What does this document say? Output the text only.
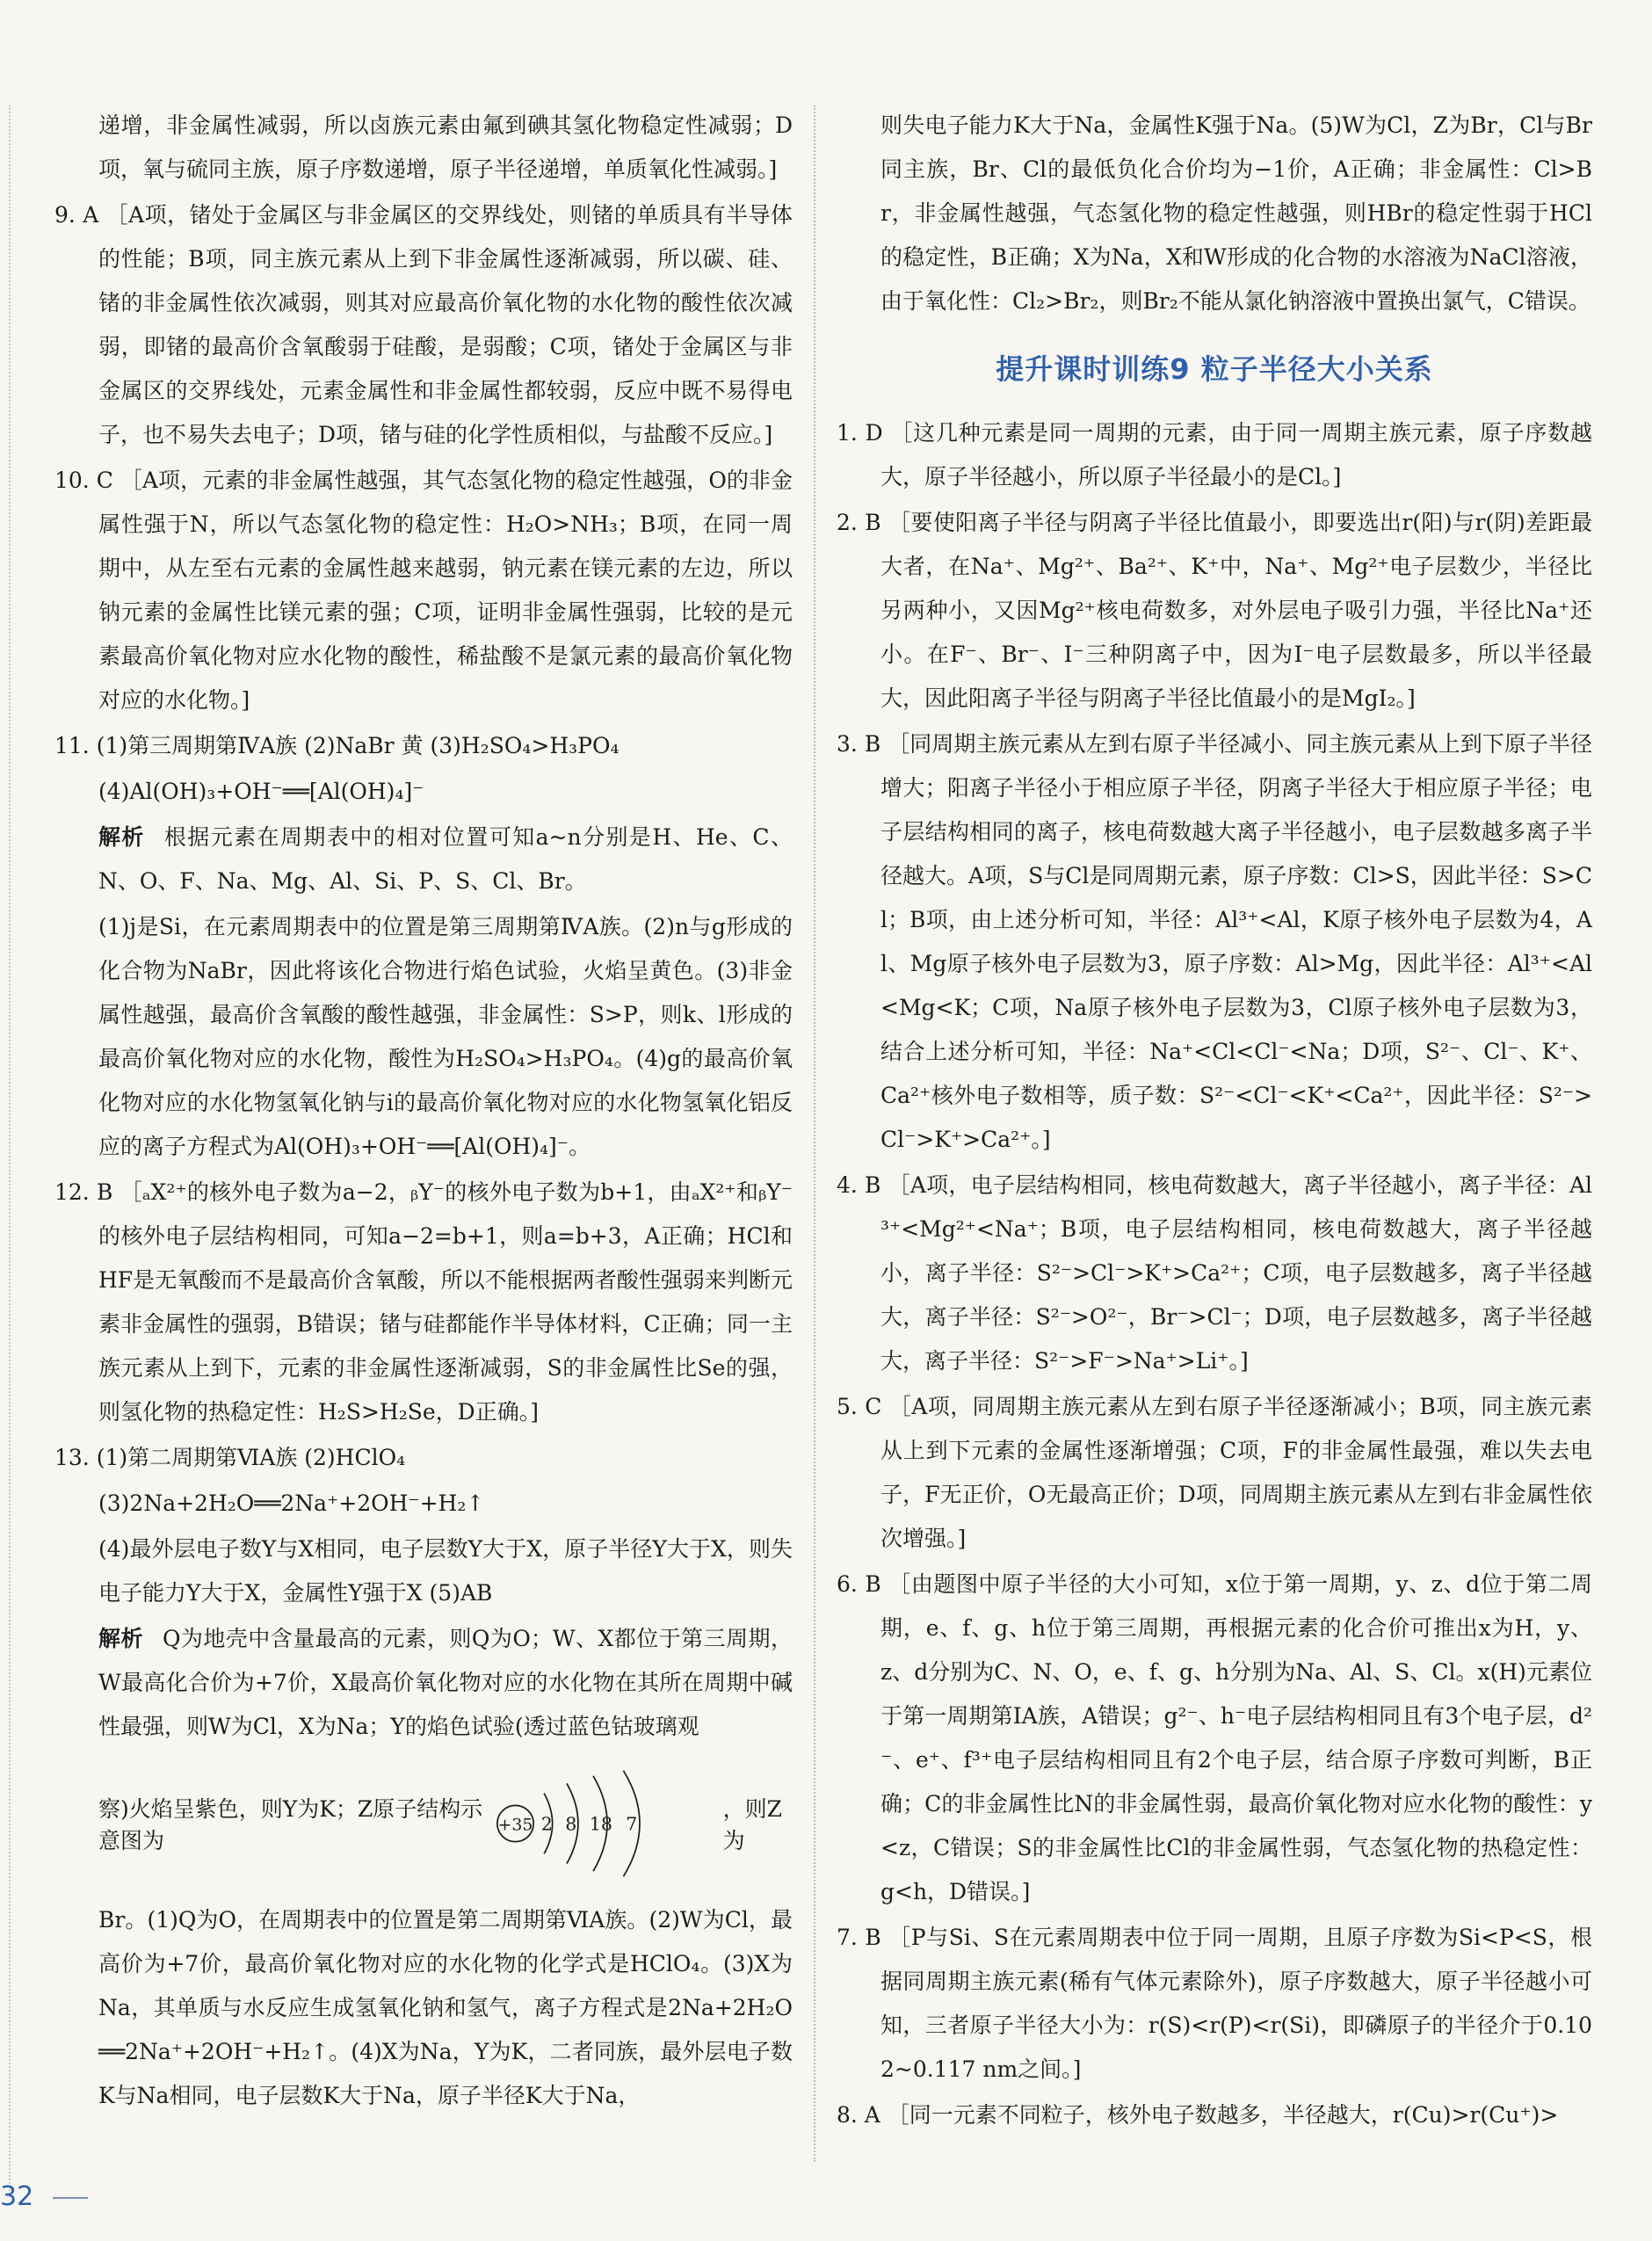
递增，非金属性减弱，所以卤族元素由氟到碘其氢化物稳定性减弱；D项，氧与硫同主族，原子序数递增，原子半径递增，单质氧化性减弱。]

9. A ［A项，锗处于金属区与非金属区的交界线处，则锗的单质具有半导体的性能；B项，同主族元素从上到下非金属性逐渐减弱，所以碳、硅、锗的非金属性依次减弱，则其对应最高价氧化物的水化物的酸性依次减弱，即锗的最高价含氧酸弱于硅酸，是弱酸；C项，锗处于金属区与非金属区的交界线处，元素金属性和非金属性都较弱，反应中既不易得电子，也不易失去电子；D项，锗与硅的化学性质相似，与盐酸不反应。]

10. C ［A项，元素的非金属性越强，其气态氢化物的稳定性越强，O的非金属性强于N，所以气态氢化物的稳定性：H₂O>NH₃；B项，在同一周期中，从左至右元素的金属性越来越弱，钠元素在镁元素的左边，所以钠元素的金属性比镁元素的强；C项，证明非金属性强弱，比较的是元素最高价氧化物对应水化物的酸性，稀盐酸不是氯元素的最高价氧化物对应的水化物。]

11. (1)第三周期第ⅣA族 (2)NaBr 黄 (3)H₂SO₄>H₃PO₄

(4)Al(OH)₃+OH⁻══[Al(OH)₄]⁻

解析 根据元素在周期表中的相对位置可知a~n分别是H、He、C、N、O、F、Na、Mg、Al、Si、P、S、Cl、Br。

(1)j是Si，在元素周期表中的位置是第三周期第ⅣA族。(2)n与g形成的化合物为NaBr，因此将该化合物进行焰色试验，火焰呈黄色。(3)非金属性越强，最高价含氧酸的酸性越强，非金属性：S>P，则k、l形成的最高价氧化物对应的水化物，酸性为H₂SO₄>H₃PO₄。(4)g的最高价氧化物对应的水化物氢氧化钠与i的最高价氧化物对应的水化物氢氧化铝反应的离子方程式为Al(OH)₃+OH⁻══[Al(OH)₄]⁻。

12. B ［ₐX²⁺的核外电子数为a−2，ᵦY⁻的核外电子数为b+1，由ₐX²⁺和ᵦY⁻的核外电子层结构相同，可知a−2=b+1，则a=b+3，A正确；HCl和HF是无氧酸而不是最高价含氧酸，所以不能根据两者酸性强弱来判断元素非金属性的强弱，B错误；锗与硅都能作半导体材料，C正确；同一主族元素从上到下，元素的非金属性逐渐减弱，S的非金属性比Se的强，则氢化物的热稳定性：H₂S>H₂Se，D正确。]

13. (1)第二周期第ⅥA族 (2)HClO₄

(3)2Na+2H₂O══2Na⁺+2OH⁻+H₂↑

(4)最外层电子数Y与X相同，电子层数Y大于X，原子半径Y大于X，则失电子能力Y大于X，金属性Y强于X (5)AB

解析 Q为地壳中含量最高的元素，则Q为O；W、X都位于第三周期，W最高化合价为+7价，X最高价氧化物对应的水化物在其所在周期中碱性最强，则W为Cl，X为Na；Y的焰色试验(透过蓝色钴玻璃观

察)火焰呈紫色，则Y为K；Z原子结构示意图为
+35 2 8 18 7
，则Z为

Br。(1)Q为O，在周期表中的位置是第二周期第ⅥA族。(2)W为Cl，最高价为+7价，最高价氧化物对应的水化物的化学式是HClO₄。(3)X为Na，其单质与水反应生成氢氧化钠和氢气，离子方程式是2Na+2H₂O══2Na⁺+2OH⁻+H₂↑。(4)X为Na，Y为K，二者同族，最外层电子数K与Na相同，电子层数K大于Na，原子半径K大于Na，

则失电子能力K大于Na，金属性K强于Na。(5)W为Cl，Z为Br，Cl与Br同主族，Br、Cl的最低负化合价均为−1价，A正确；非金属性：Cl>Br，非金属性越强，气态氢化物的稳定性越强，则HBr的稳定性弱于HCl的稳定性，B正确；X为Na，X和W形成的化合物的水溶液为NaCl溶液，由于氧化性：Cl₂>Br₂，则Br₂不能从氯化钠溶液中置换出氯气，C错误。

提升课时训练9 粒子半径大小关系

1. D ［这几种元素是同一周期的元素，由于同一周期主族元素，原子序数越大，原子半径越小，所以原子半径最小的是Cl。]

2. B ［要使阳离子半径与阴离子半径比值最小，即要选出r(阳)与r(阴)差距最大者，在Na⁺、Mg²⁺、Ba²⁺、K⁺中，Na⁺、Mg²⁺电子层数少，半径比另两种小，又因Mg²⁺核电荷数多，对外层电子吸引力强，半径比Na⁺还小。在F⁻、Br⁻、I⁻三种阴离子中，因为I⁻电子层数最多，所以半径最大，因此阳离子半径与阴离子半径比值最小的是MgI₂。]

3. B ［同周期主族元素从左到右原子半径减小、同主族元素从上到下原子半径增大；阳离子半径小于相应原子半径，阴离子半径大于相应原子半径；电子层结构相同的离子，核电荷数越大离子半径越小，电子层数越多离子半径越大。A项，S与Cl是同周期元素，原子序数：Cl>S，因此半径：S>Cl；B项，由上述分析可知，半径：Al³⁺<Al，K原子核外电子层数为4，Al、Mg原子核外电子层数为3，原子序数：Al>Mg，因此半径：Al³⁺<Al<Mg<K；C项，Na原子核外电子层数为3，Cl原子核外电子层数为3，结合上述分析可知，半径：Na⁺<Cl<Cl⁻<Na；D项，S²⁻、Cl⁻、K⁺、Ca²⁺核外电子数相等，质子数：S²⁻<Cl⁻<K⁺<Ca²⁺，因此半径：S²⁻>Cl⁻>K⁺>Ca²⁺。]

4. B ［A项，电子层结构相同，核电荷数越大，离子半径越小，离子半径：Al³⁺<Mg²⁺<Na⁺；B项，电子层结构相同，核电荷数越大，离子半径越小，离子半径：S²⁻>Cl⁻>K⁺>Ca²⁺；C项，电子层数越多，离子半径越大，离子半径：S²⁻>O²⁻，Br⁻>Cl⁻；D项，电子层数越多，离子半径越大，离子半径：S²⁻>F⁻>Na⁺>Li⁺。]

5. C ［A项，同周期主族元素从左到右原子半径逐渐减小；B项，同主族元素从上到下元素的金属性逐渐增强；C项，F的非金属性最强，难以失去电子，F无正价，O无最高正价；D项，同周期主族元素从左到右非金属性依次增强。]

6. B ［由题图中原子半径的大小可知，x位于第一周期，y、z、d位于第二周期，e、f、g、h位于第三周期，再根据元素的化合价可推出x为H，y、z、d分别为C、N、O，e、f、g、h分别为Na、Al、S、Cl。x(H)元素位于第一周期第ⅠA族，A错误；g²⁻、h⁻电子层结构相同且有3个电子层，d²⁻、e⁺、f³⁺电子层结构相同且有2个电子层，结合原子序数可判断，B正确；C的非金属性比N的非金属性弱，最高价氧化物对应水化物的酸性：y<z，C错误；S的非金属性比Cl的非金属性弱，气态氢化物的热稳定性：g<h，D错误。]

7. B ［P与Si、S在元素周期表中位于同一周期，且原子序数为Si<P<S，根据同周期主族元素(稀有气体元素除外)，原子序数越大，原子半径越小可知，三者原子半径大小为：r(S)<r(P)<r(Si)，即磷原子的半径介于0.102~0.117 nm之间。]

8. A ［同一元素不同粒子，核外电子数越多，半径越大，r(Cu)>r(Cu⁺)>

32
